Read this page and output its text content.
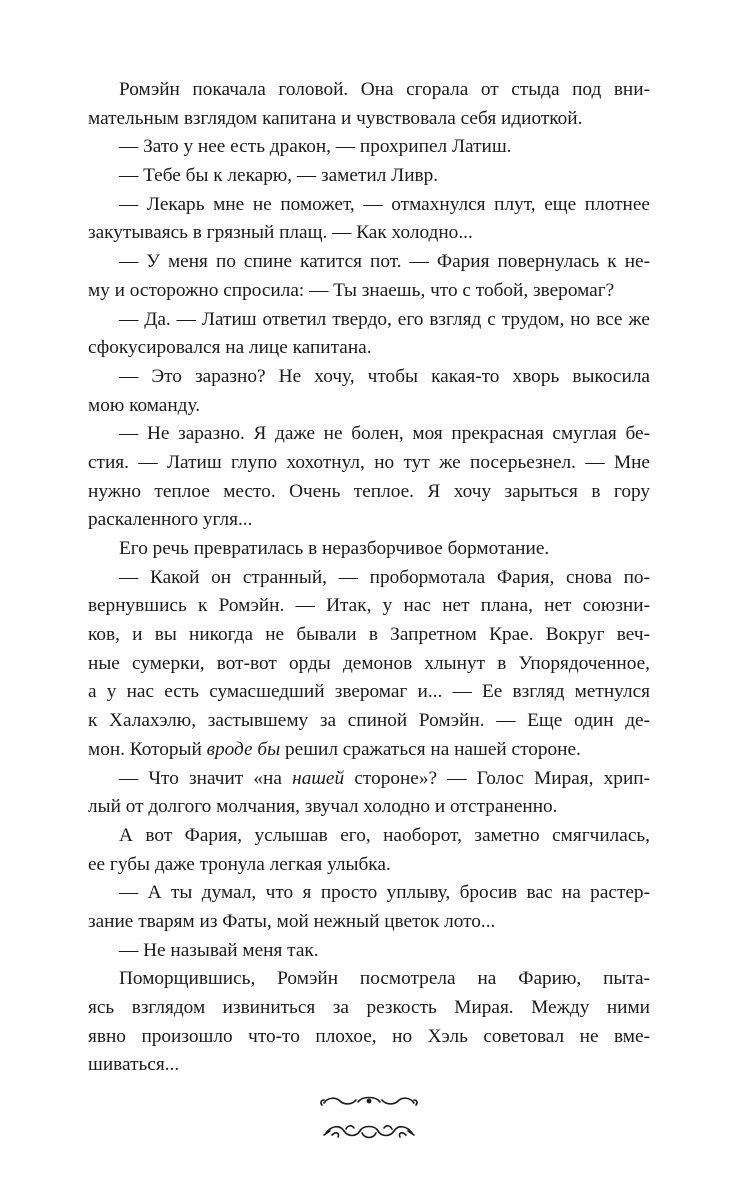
Ромэйн покачала головой. Она сгорала от стыда под вни-
мательным взглядом капитана и чувствовала себя идиоткой.
— Зато у нее есть дракон, — прохрипел Латиш.
— Тебе бы к лекарю, — заметил Ливр.
— Лекарь мне не поможет, — отмахнулся плут, еще плотнее
закутываясь в грязный плащ. — Как холодно...
— У меня по спине катится пот. — Фария повернулась к не-
му и осторожно спросила: — Ты знаешь, что с тобой, зверомаг?
— Да. — Латиш ответил твердо, его взгляд с трудом, но все же
сфокусировался на лице капитана.
— Это заразно? Не хочу, чтобы какая-то хворь выкосила
мою команду.
— Не заразно. Я даже не болен, моя прекрасная смуглая бе-
стия. — Латиш глупо хохотнул, но тут же посерьезнел. — Мне
нужно теплое место. Очень теплое. Я хочу зарыться в гору
раскаленного угля...
Его речь превратилась в неразборчивое бормотание.
— Какой он странный, — пробормотала Фария, снова по-
вернувшись к Ромэйн. — Итак, у нас нет плана, нет союзни-
ков, и вы никогда не бывали в Запретном Крае. Вокруг веч-
ные сумерки, вот-вот орды демонов хлынут в Упорядоченное,
а у нас есть сумасшедший зверомаг и... — Ее взгляд метнулся
к Халахэлю, застывшему за спиной Ромэйн. — Еще один де-
мон. Который вроде бы решил сражаться на нашей стороне.
— Что значит «на нашей стороне»? — Голос Мирая, хрип-
лый от долгого молчания, звучал холодно и отстраненно.
А вот Фария, услышав его, наоборот, заметно смягчилась,
ее губы даже тронула легкая улыбка.
— А ты думал, что я просто уплыву, бросив вас на растер-
зание тварям из Фаты, мой нежный цветок лото...
— Не называй меня так.
Поморщившись, Ромэйн посмотрела на Фарию, пыта-
ясь взглядом извиниться за резкость Мирая. Между ними
явно произошло что-то плохое, но Хэль советовал не вме-
шиваться...
